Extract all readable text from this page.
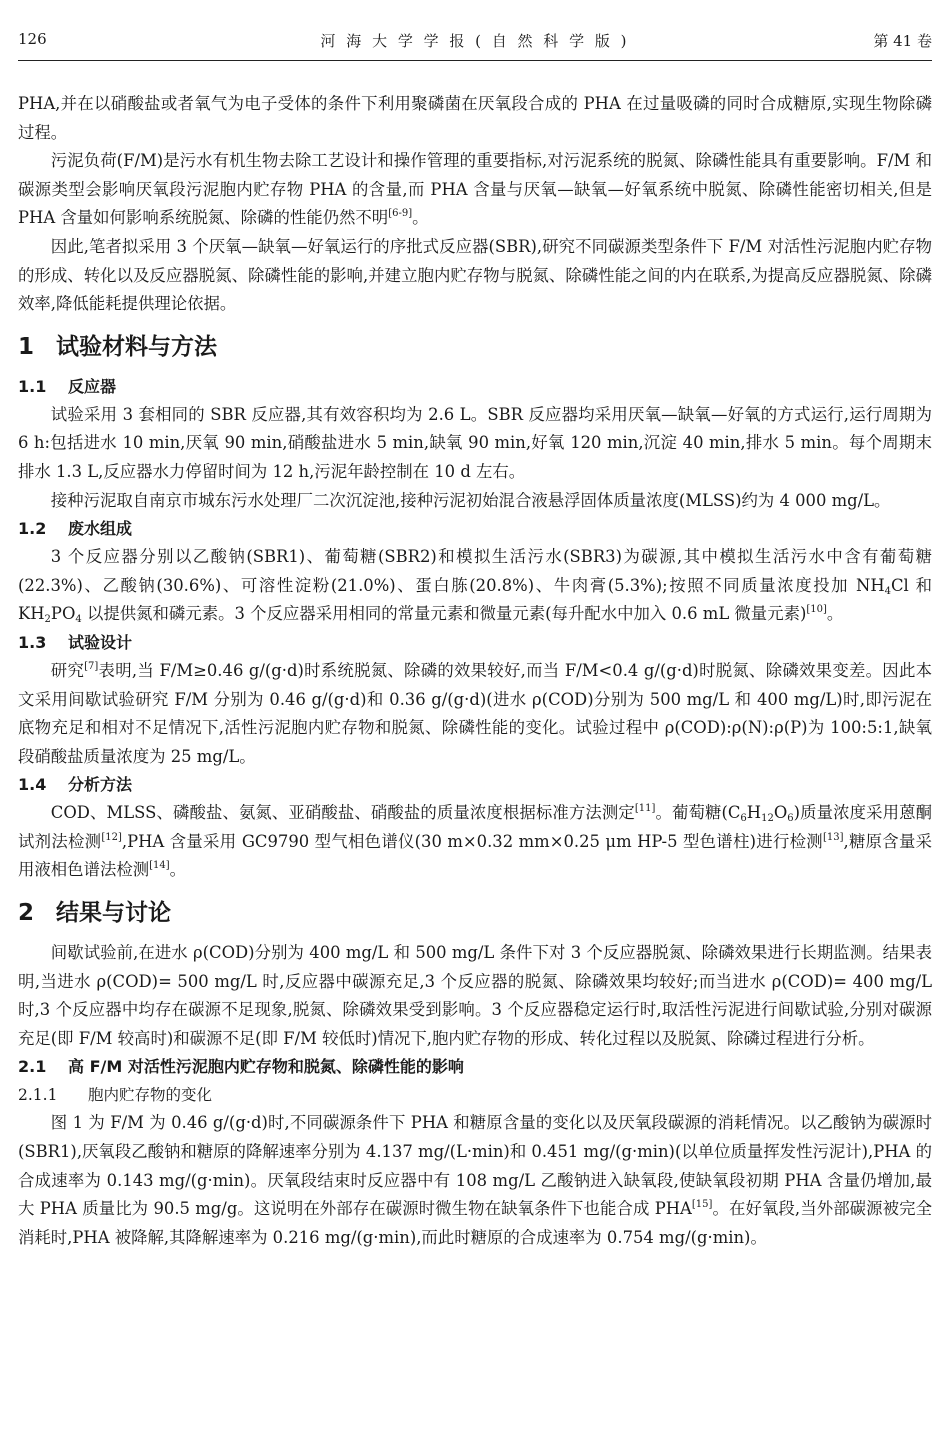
126	河 海 大 学 学 报 ( 自 然 科 学 版 )	第 41 卷

PHA,并在以硝酸盐或者氧气为电子受体的条件下利用聚磷菌在厌氧段合成的 PHA 在过量吸磷的同时合成糖原,实现生物除磷过程。

污泥负荷(F/M)是污水有机生物去除工艺设计和操作管理的重要指标,对污泥系统的脱氮、除磷性能具有重要影响。F/M 和碳源类型会影响厌氧段污泥胞内贮存物 PHA 的含量,而 PHA 含量与厌氧—缺氧—好氧系统中脱氮、除磷性能密切相关,但是 PHA 含量如何影响系统脱氮、除磷的性能仍然不明[6-9]。

因此,笔者拟采用 3 个厌氧—缺氧—好氧运行的序批式反应器(SBR),研究不同碳源类型条件下 F/M 对活性污泥胞内贮存物的形成、转化以及反应器脱氮、除磷性能的影响,并建立胞内贮存物与脱氮、除磷性能之间的内在联系,为提高反应器脱氮、除磷效率,降低能耗提供理论依据。

1 试验材料与方法
1.1 反应器

试验采用 3 套相同的 SBR 反应器,其有效容积均为 2.6 L。SBR 反应器均采用厌氧—缺氧—好氧的方式运行,运行周期为 6 h:包括进水 10 min,厌氧 90 min,硝酸盐进水 5 min,缺氧 90 min,好氧 120 min,沉淀 40 min,排水 5 min。每个周期末排水 1.3 L,反应器水力停留时间为 12 h,污泥年龄控制在 10 d 左右。

接种污泥取自南京市城东污水处理厂二次沉淀池,接种污泥初始混合液悬浮固体质量浓度(MLSS)约为 4 000 mg/L。

1.2 废水组成

3 个反应器分别以乙酸钠(SBR1)、葡萄糖(SBR2)和模拟生活污水(SBR3)为碳源,其中模拟生活污水中含有葡萄糖(22.3%)、乙酸钠(30.6%)、可溶性淀粉(21.0%)、蛋白胨(20.8%)、牛肉膏(5.3%);按照不同质量浓度投加 $NH_4Cl$ 和 $KH_2PO_4$ 以提供氮和磷元素。3 个反应器采用相同的常量元素和微量元素(每升配水中加入 0.6 mL 微量元素)[10]。

1.3 试验设计

研究[7]表明,当 F/M≥0.46 g/(g·d)时系统脱氮、除磷的效果较好,而当 F/M<0.4 g/(g·d)时脱氮、除磷效果变差。因此本文采用间歇试验研究 F/M 分别为 0.46 g/(g·d)和 0.36 g/(g·d)(进水 ρ(COD)分别为 500 mg/L 和 400 mg/L)时,即污泥在底物充足和相对不足情况下,活性污泥胞内贮存物和脱氮、除磷性能的变化。试验过程中 ρ(COD):ρ(N):ρ(P)为 100:5:1,缺氧段硝酸盐质量浓度为 25 mg/L。

1.4 分析方法

COD、MLSS、磷酸盐、氨氮、亚硝酸盐、硝酸盐的质量浓度根据标准方法测定[11]。葡萄糖$(C_6H_{12}O_6)$质量浓度采用蒽酮试剂法检测[12],PHA 含量采用 GC9790 型气相色谱仪(30 m×0.32 mm×0.25 μm HP-5 型色谱柱)进行检测[13],糖原含量采用液相色谱法检测[14]。

2 结果与讨论

间歇试验前,在进水 ρ(COD)分别为 400 mg/L 和 500 mg/L 条件下对 3 个反应器脱氮、除磷效果进行长期监测。结果表明,当进水 ρ(COD)= 500 mg/L 时,反应器中碳源充足,3 个反应器的脱氮、除磷效果均较好;而当进水 ρ(COD)= 400 mg/L 时,3 个反应器中均存在碳源不足现象,脱氮、除磷效果受到影响。3 个反应器稳定运行时,取活性污泥进行间歇试验,分别对碳源充足(即 F/M 较高时)和碳源不足(即 F/M 较低时)情况下,胞内贮存物的形成、转化过程以及脱氮、除磷过程进行分析。

2.1 高 F/M 对活性污泥胞内贮存物和脱氮、除磷性能的影响
2.1.1 胞内贮存物的变化

图 1 为 F/M 为 0.46 g/(g·d)时,不同碳源条件下 PHA 和糖原含量的变化以及厌氧段碳源的消耗情况。以乙酸钠为碳源时(SBR1),厌氧段乙酸钠和糖原的降解速率分别为 4.137 mg/(L·min)和 0.451 mg/(g·min)(以单位质量挥发性污泥计),PHA 的合成速率为 0.143 mg/(g·min)。厌氧段结束时反应器中有 108 mg/L 乙酸钠进入缺氧段,使缺氧段初期 PHA 含量仍增加,最大 PHA 质量比为 90.5 mg/g。这说明在外部存在碳源时微生物在缺氧条件下也能合成 PHA[15]。在好氧段,当外部碳源被完全消耗时,PHA 被降解,其降解速率为 0.216 mg/(g·min),而此时糖原的合成速率为 0.754 mg/(g·min)。
